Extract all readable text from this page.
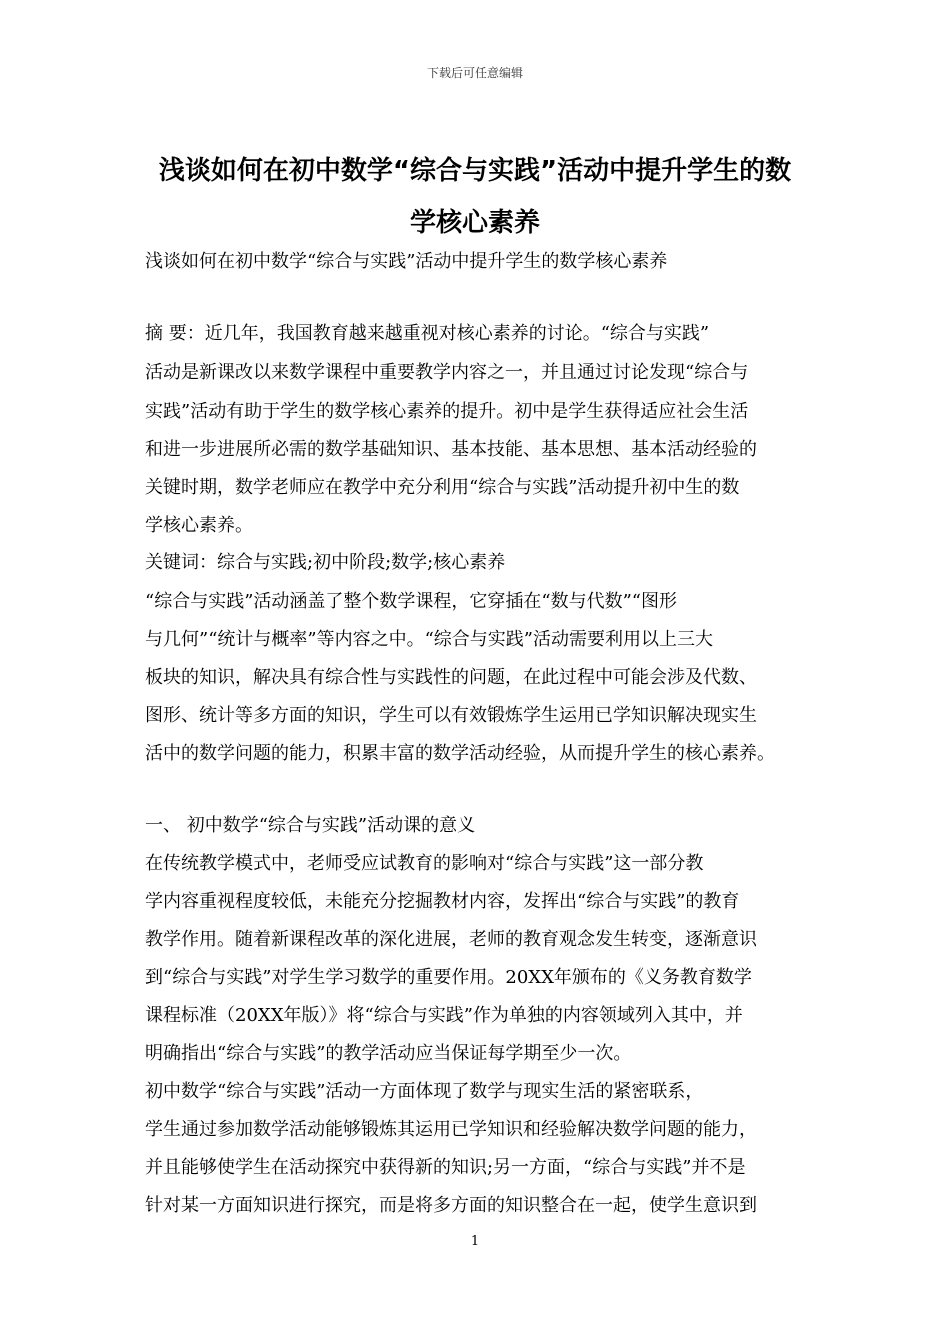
下载后可任意编辑
浅谈如何在初中数学“综合与实践”活动中提升学生的数
学核心素养
浅谈如何在初中数学“综合与实践”活动中提升学生的数学核心素养
摘 要：近几年，我国教育越来越重视对核心素养的讨论。“综合与实践”
活动是新课改以来数学课程中重要教学内容之一，并且通过讨论发现“综合与
实践”活动有助于学生的数学核心素养的提升。初中是学生获得适应社会生活
和进一步进展所必需的数学基础知识、基本技能、基本思想、基本活动经验的
关键时期，数学老师应在教学中充分利用“综合与实践”活动提升初中生的数
学核心素养。
关键词：综合与实践;初中阶段;数学;核心素养
“综合与实践”活动涵盖了整个数学课程，它穿插在“数与代数”“图形
与几何”“统计与概率”等内容之中。“综合与实践”活动需要利用以上三大
板块的知识，解决具有综合性与实践性的问题，在此过程中可能会涉及代数、
图形、统计等多方面的知识，学生可以有效锻炼学生运用已学知识解决现实生
活中的数学问题的能力，积累丰富的数学活动经验，从而提升学生的核心素养。
一、 初中数学“综合与实践”活动课的意义
在传统教学模式中，老师受应试教育的影响对“综合与实践”这一部分教
学内容重视程度较低，未能充分挖掘教材内容，发挥出“综合与实践”的教育
教学作用。随着新课程改革的深化进展，老师的教育观念发生转变，逐渐意识
到“综合与实践”对学生学习数学的重要作用。20XX年颁布的《义务教育数学
课程标准（20XX年版）》将“综合与实践”作为单独的内容领域列入其中，并
明确指出“综合与实践”的教学活动应当保证每学期至少一次。
初中数学“综合与实践”活动一方面体现了数学与现实生活的紧密联系，
学生通过参加数学活动能够锻炼其运用已学知识和经验解决数学问题的能力，
并且能够使学生在活动探究中获得新的知识;另一方面，“综合与实践”并不是
针对某一方面知识进行探究，而是将多方面的知识整合在一起，使学生意识到
1
